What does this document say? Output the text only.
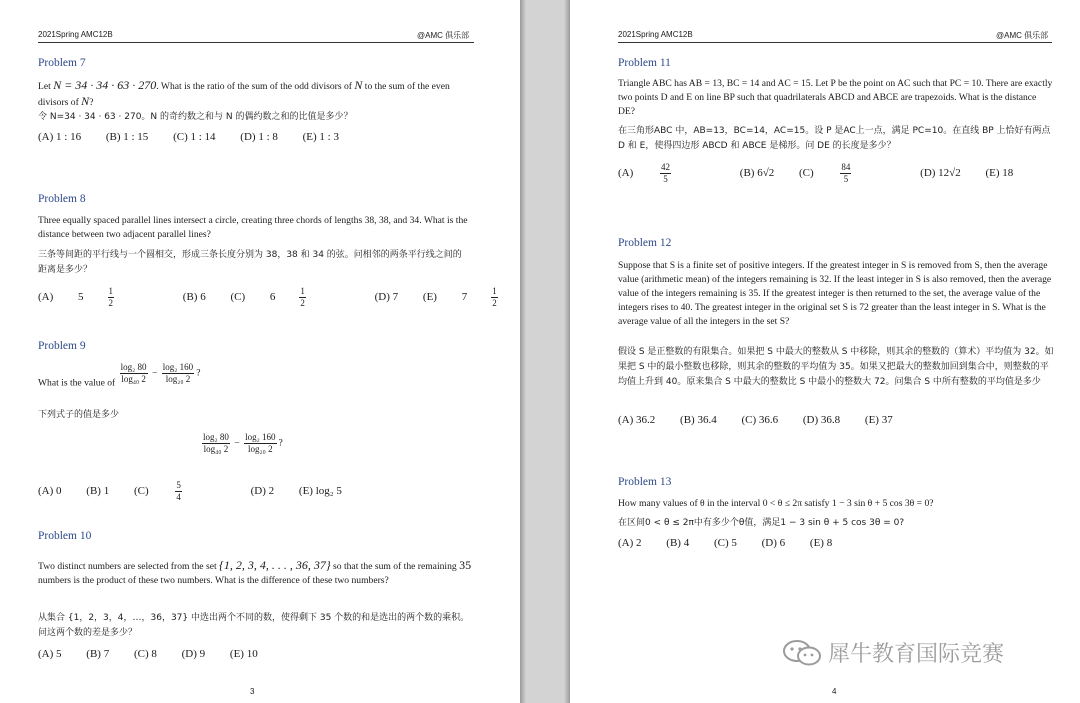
2021Spring AMC12B	@AMC 俱乐部
Problem 7
Let N = 34 · 34 · 63 · 270. What is the ratio of the sum of the odd divisors of N to the sum of the even divisors of N?
令 N=34 · 34 · 63 · 270。N 的奇约数之和与 N 的偶约数之和的比值是多少？
(A) 1 : 16 (B) 1 : 15 (C) 1 : 14 (D) 1 : 8 (E) 1 : 3
Problem 8
Three equally spaced parallel lines intersect a circle, creating three chords of lengths 38, 38, and 34. What is the distance between two adjacent parallel lines?
三条等间距的平行线与一个圆相交，形成三条长度分别为 38，38 和 34 的弦。问相邻的两条平行线之间的距离是多少？
(A) 5	$\frac{1}{2}$	(B) 6 (C) 6	$\frac{1}{2}$	(D) 7 (E) 7	$\frac{1}{2}$
Problem 9
What is the value of $\frac{\text{log₂ 80}}{\text{log₄₀ 2}} - \frac{\text{log₂ 160}}{\text{log₂₀ 2}}$ ?
下列式子的值是多少
$\frac{\text{log₂ 80}}{\text{log₄₀ 2}} - \frac{\text{log₂ 160}}{\text{log₂₀ 2}}$ ?
(A) 0 (B) 1 (C)	$\frac{5}{4}$	(D) 2 (E) log₂ 5
Problem 10
Two distinct numbers are selected from the set {1, 2, 3, 4, . . . , 36, 37} so that the sum of the remaining 35 numbers is the product of these two numbers. What is the difference of these two numbers?
从集合 {1，2，3，4，…，36，37} 中选出两个不同的数，使得剩下 35 个数的和是选出的两个数的乘积。问这两个数的差是多少？
(A) 5 (B) 7 (C) 8 (D) 9 (E) 10
3
2021Spring AMC12B	@AMC 俱乐部
Problem 11
Triangle ABC has AB = 13, BC = 14 and AC = 15. Let P be the point on AC such that PC = 10. There are exactly two points D and E on line BP such that quadrilaterals ABCD and ABCE are trapezoids. What is the distance DE?
在三角形ABC 中，AB=13，BC=14，AC=15。设 P 是AC上一点，满足 PC=10。在直线 BP 上恰好有两点 D 和 E，使得四边形 ABCD 和 ABCE 是梯形。问 DE 的长度是多少？
(A)	$\frac{42}{5}$	(B) 6√2 (C)	$\frac{84}{5}$	(D) 12√2 (E) 18
Problem 12
Suppose that S is a finite set of positive integers. If the greatest integer in S is removed from S, then the average value (arithmetic mean) of the integers remaining is 32. If the least integer in S is also removed, then the average value of the integers remaining is 35. If the greatest integer is then returned to the set, the average value of the integers rises to 40. The greatest integer in the original set S is 72 greater than the least integer in S. What is the average value of all the integers in the set S?
假设 S 是正整数的有限集合。如果把 S 中最大的整数从 S 中移除，则其余的整数的（算术）平均值为 32。如果把 S 中的最小整数也移除，则其余的整数的平均值为 35。如果又把最大的整数加回到集合中，则整数的平均值上升到 40。原来集合 S 中最大的整数比 S 中最小的整数大 72。问集合 S 中所有整数的平均值是多少
(A) 36.2 (B) 36.4 (C) 36.6 (D) 36.8 (E) 37
Problem 13
How many values of θ in the interval 0 < θ ≤ 2π satisfy 1 − 3 sin θ + 5 cos 3θ = 0?
在区间0 < θ ≤ 2π中有多少个θ值，满足1 − 3 sin θ + 5 cos 3θ = 0?
(A) 2 (B) 4 (C) 5 (D) 6 (E) 8
4
犀牛教育国际竞赛
